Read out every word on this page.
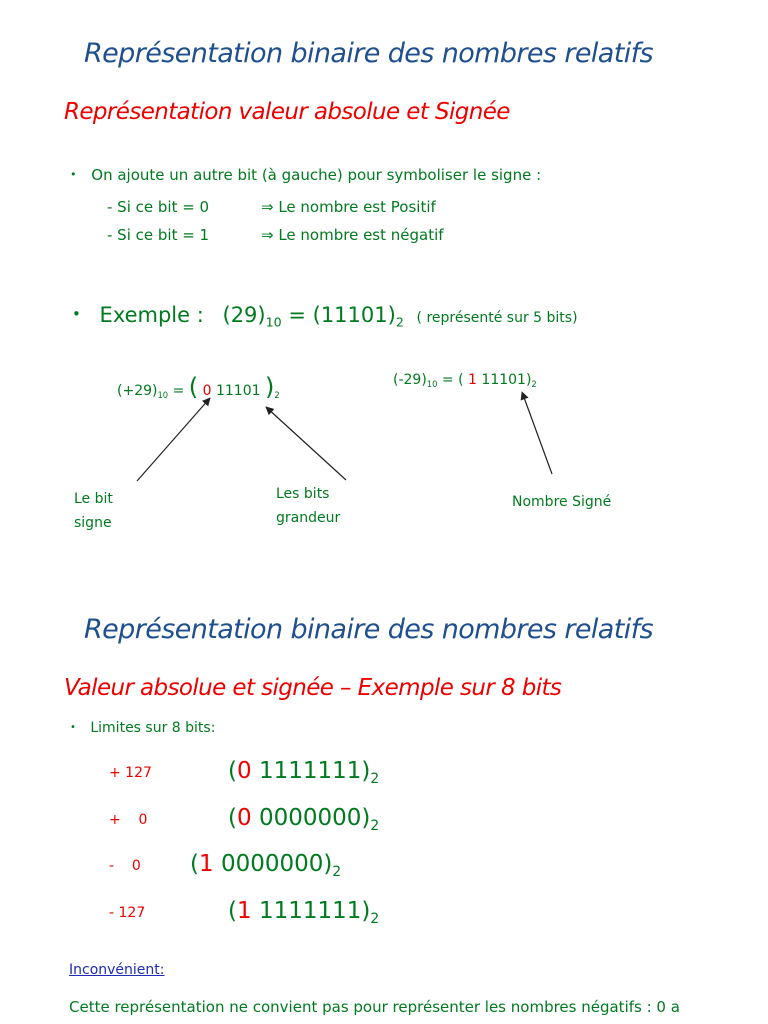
Représentation binaire des nombres relatifs
Représentation valeur absolue et Signée
• On ajoute un autre bit (à gauche) pour symboliser le signe :
- Si ce bit = 0	⇒ Le nombre est Positif
- Si ce bit = 1	⇒ Le nombre est négatif
• Exemple : $(29)_{10} = (11101)_2$ ( représenté sur 5 bits)
$(+29)_{10}$ = ( 0 11101 )$_2$
$(-29)_{10}$ = ( 1 $11101)_2$
Le bit
signe
Les bits
grandeur
Nombre Signé
Représentation binaire des nombres relatifs
Valeur absolue et signée – Exemple sur 8 bits
• Limites sur 8 bits:
+ 127	(0 $1111111)_2$
+    0	(0 $0000000)_2$
-    0 (1 $0000000)_2$
- 127	(1 $1111111)_2$
Inconvénient:
Cette représentation ne convient pas pour représenter les nombres négatifs : 0 a
